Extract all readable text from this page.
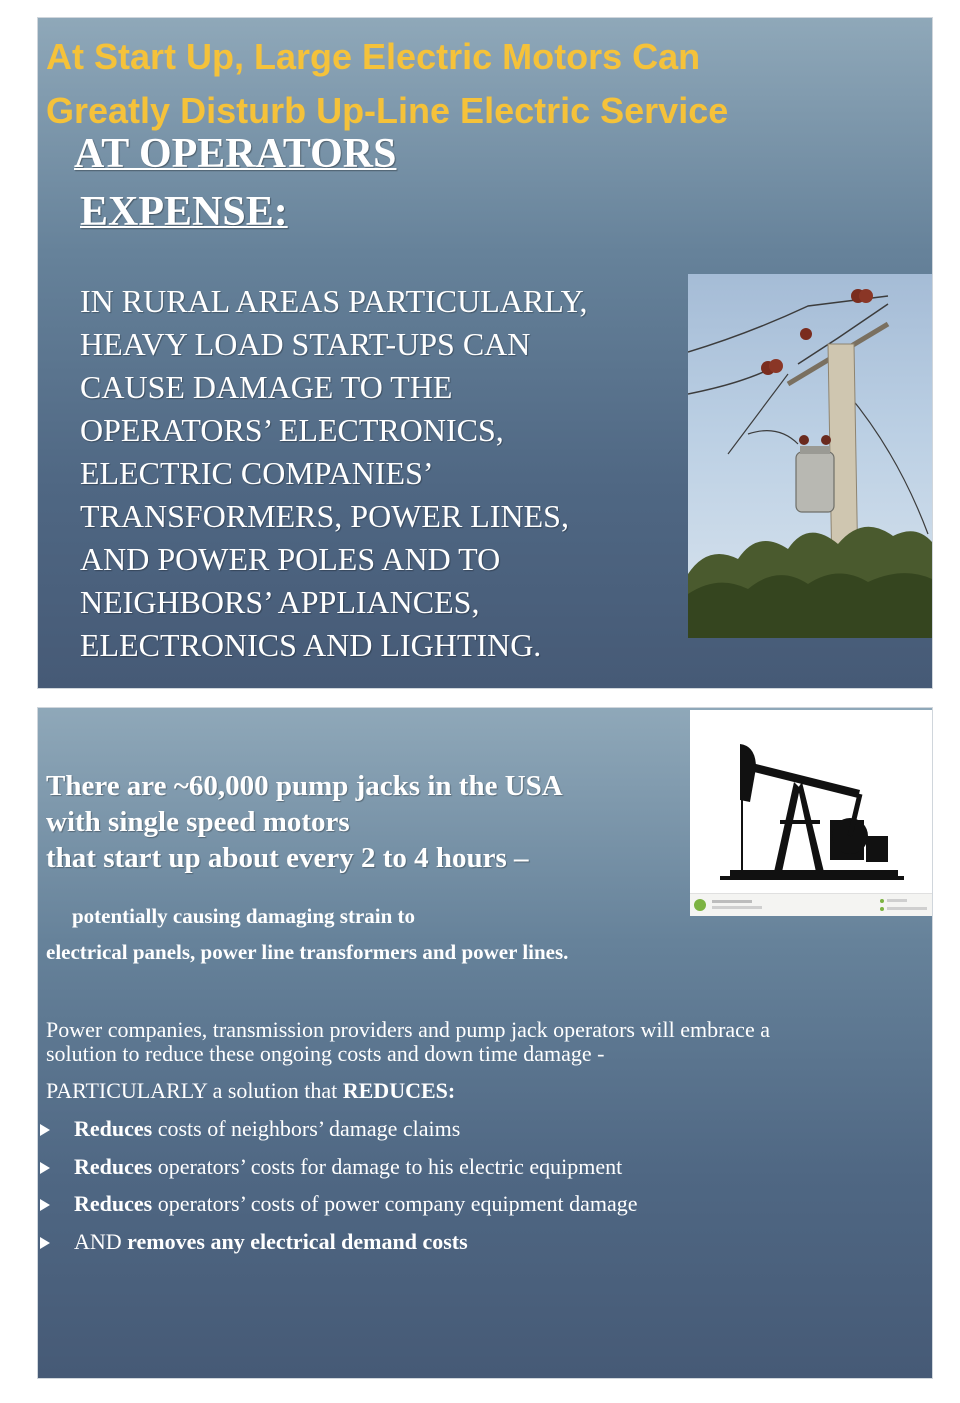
At Start Up, Large Electric Motors Can
Greatly Disturb Up-Line Electric Service
AT OPERATORS
EXPENSE:

IN RURAL AREAS PARTICULARLY,
HEAVY LOAD START-UPS CAN
CAUSE DAMAGE TO THE
OPERATORS’ ELECTRONICS,
ELECTRIC COMPANIES’
TRANSFORMERS, POWER LINES,
AND POWER POLES AND TO
NEIGHBORS’ APPLIANCES,
ELECTRONICS AND LIGHTING.

There are ~60,000 pump jacks in the USA
with single speed motors
that start up about every 2 to 4 hours –

potentially causing damaging strain to

electrical panels, power line transformers and power lines.

Power companies, transmission providers and pump jack operators will embrace a
solution to reduce these ongoing costs and down time damage -

PARTICULARLY a solution that REDUCES:

Reduces costs of neighbors’ damage claims
Reduces operators’ costs for damage to his electric equipment
Reduces operators’ costs of power company equipment damage
AND removes any electrical demand costs
